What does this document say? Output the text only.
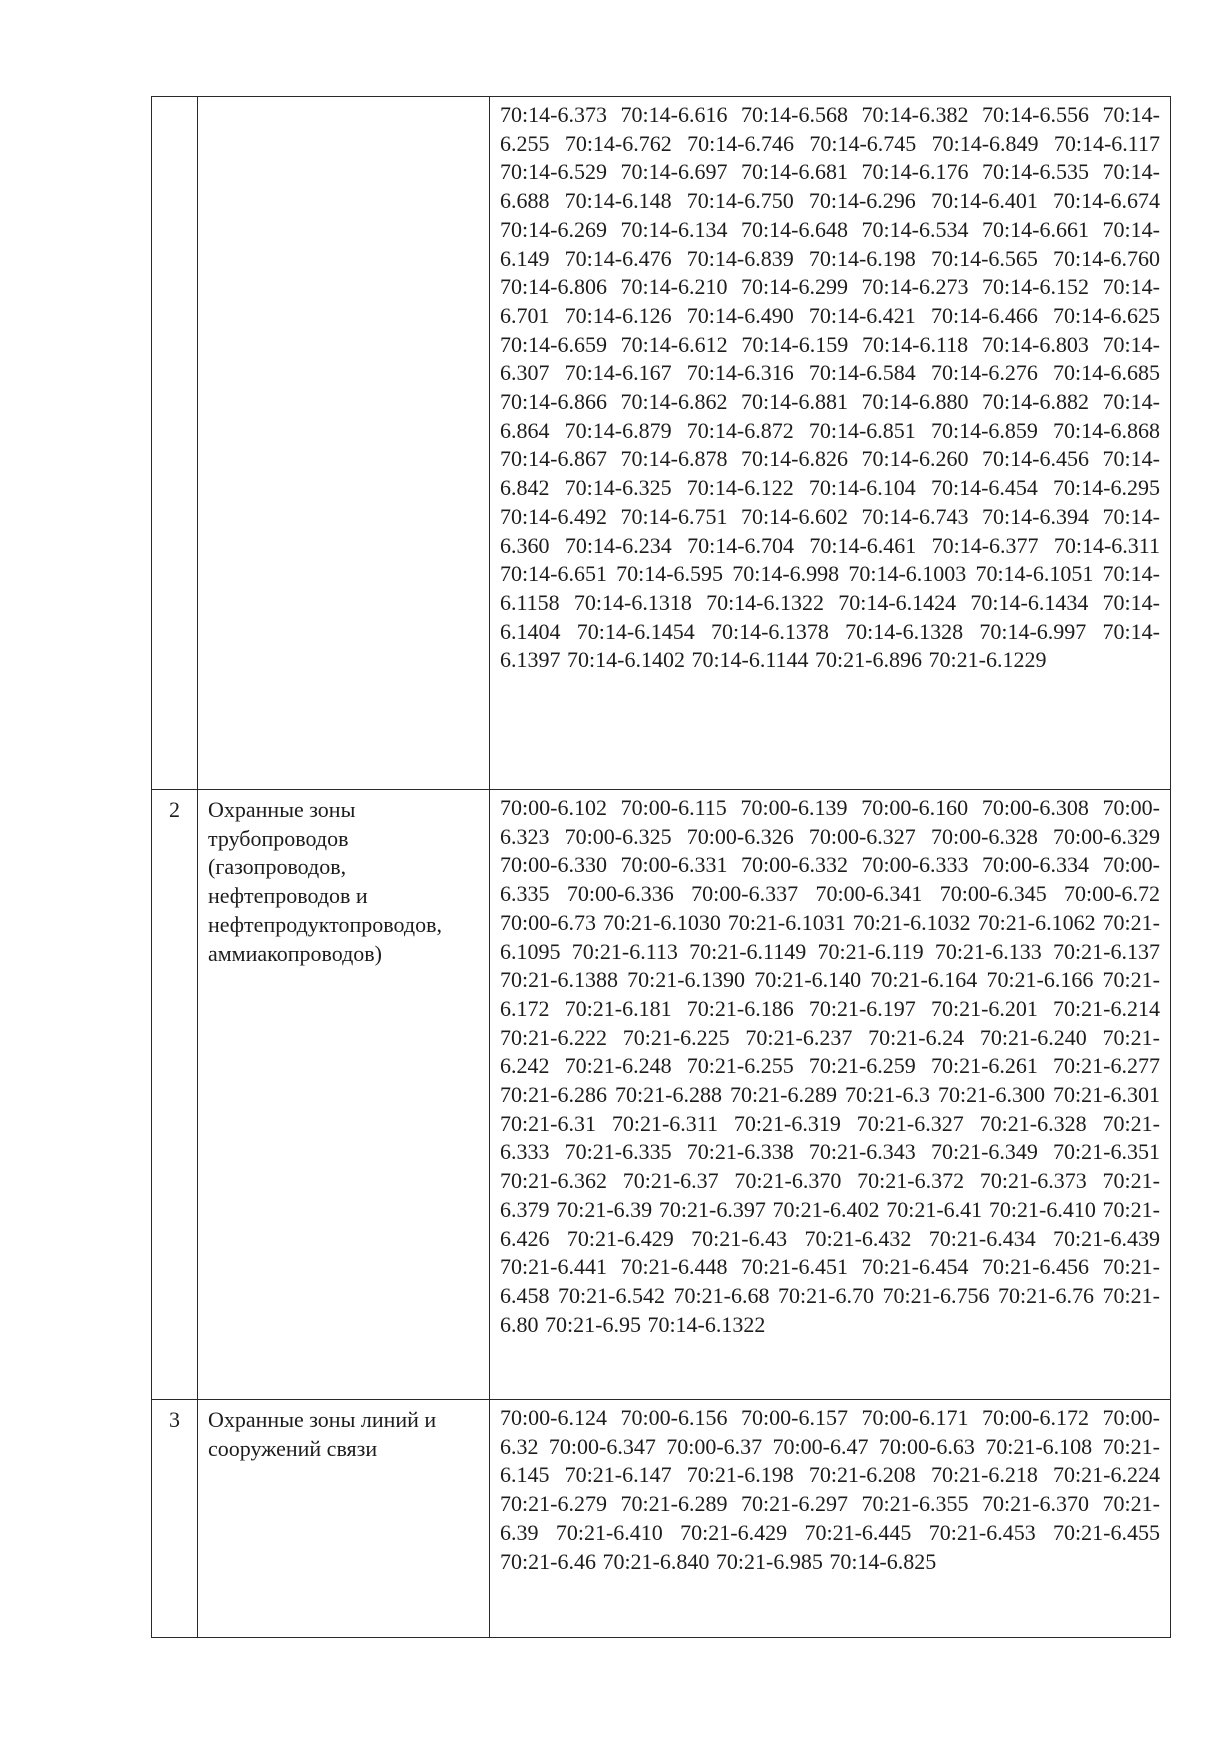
		70:14-6.373 70:14-6.616 70:14-6.568 70:14-6.382 70:14-6.556 70:14-6.255 70:14-6.762 70:14-6.746 70:14-6.745 70:14-6.849 70:14-6.117 70:14-6.529 70:14-6.697 70:14-6.681 70:14-6.176 70:14-6.535 70:14-6.688 70:14-6.148 70:14-6.750 70:14-6.296 70:14-6.401 70:14-6.674 70:14-6.269 70:14-6.134 70:14-6.648 70:14-6.534 70:14-6.661 70:14-6.149 70:14-6.476 70:14-6.839 70:14-6.198 70:14-6.565 70:14-6.760 70:14-6.806 70:14-6.210 70:14-6.299 70:14-6.273 70:14-6.152 70:14-6.701 70:14-6.126 70:14-6.490 70:14-6.421 70:14-6.466 70:14-6.625 70:14-6.659 70:14-6.612 70:14-6.159 70:14-6.118 70:14-6.803 70:14-6.307 70:14-6.167 70:14-6.316 70:14-6.584 70:14-6.276 70:14-6.685 70:14-6.866 70:14-6.862 70:14-6.881 70:14-6.880 70:14-6.882 70:14-6.864 70:14-6.879 70:14-6.872 70:14-6.851 70:14-6.859 70:14-6.868 70:14-6.867 70:14-6.878 70:14-6.826 70:14-6.260 70:14-6.456 70:14-6.842 70:14-6.325 70:14-6.122 70:14-6.104 70:14-6.454 70:14-6.295 70:14-6.492 70:14-6.751 70:14-6.602 70:14-6.743 70:14-6.394 70:14-6.360 70:14-6.234 70:14-6.704 70:14-6.461 70:14-6.377 70:14-6.311 70:14-6.651 70:14-6.595 70:14-6.998 70:14-6.1003 70:14-6.1051 70:14-6.1158 70:14-6.1318 70:14-6.1322 70:14-6.1424 70:14-6.1434 70:14-6.1404 70:14-6.1454 70:14-6.1378 70:14-6.1328 70:14-6.997 70:14-6.1397 70:14-6.1402 70:14-6.1144 70:21-6.896 70:21-6.1229
2	Охранные зоны трубопроводов (газопроводов, нефтепроводов и нефтепродуктопроводов, аммиакопроводов)	70:00-6.102 70:00-6.115 70:00-6.139 70:00-6.160 70:00-6.308 70:00-6.323 70:00-6.325 70:00-6.326 70:00-6.327 70:00-6.328 70:00-6.329 70:00-6.330 70:00-6.331 70:00-6.332 70:00-6.333 70:00-6.334 70:00-6.335 70:00-6.336 70:00-6.337 70:00-6.341 70:00-6.345 70:00-6.72 70:00-6.73 70:21-6.1030 70:21-6.1031 70:21-6.1032 70:21-6.1062 70:21-6.1095 70:21-6.113 70:21-6.1149 70:21-6.119 70:21-6.133 70:21-6.137 70:21-6.1388 70:21-6.1390 70:21-6.140 70:21-6.164 70:21-6.166 70:21-6.172 70:21-6.181 70:21-6.186 70:21-6.197 70:21-6.201 70:21-6.214 70:21-6.222 70:21-6.225 70:21-6.237 70:21-6.24 70:21-6.240 70:21-6.242 70:21-6.248 70:21-6.255 70:21-6.259 70:21-6.261 70:21-6.277 70:21-6.286 70:21-6.288 70:21-6.289 70:21-6.3 70:21-6.300 70:21-6.301 70:21-6.31 70:21-6.311 70:21-6.319 70:21-6.327 70:21-6.328 70:21-6.333 70:21-6.335 70:21-6.338 70:21-6.343 70:21-6.349 70:21-6.351 70:21-6.362 70:21-6.37 70:21-6.370 70:21-6.372 70:21-6.373 70:21-6.379 70:21-6.39 70:21-6.397 70:21-6.402 70:21-6.41 70:21-6.410 70:21-6.426 70:21-6.429 70:21-6.43 70:21-6.432 70:21-6.434 70:21-6.439 70:21-6.441 70:21-6.448 70:21-6.451 70:21-6.454 70:21-6.456 70:21-6.458 70:21-6.542 70:21-6.68 70:21-6.70 70:21-6.756 70:21-6.76 70:21-6.80 70:21-6.95 70:14-6.1322
3	Охранные зоны линий и сооружений связи	70:00-6.124 70:00-6.156 70:00-6.157 70:00-6.171 70:00-6.172 70:00-6.32 70:00-6.347 70:00-6.37 70:00-6.47 70:00-6.63 70:21-6.108 70:21-6.145 70:21-6.147 70:21-6.198 70:21-6.208 70:21-6.218 70:21-6.224 70:21-6.279 70:21-6.289 70:21-6.297 70:21-6.355 70:21-6.370 70:21-6.39 70:21-6.410 70:21-6.429 70:21-6.445 70:21-6.453 70:21-6.455 70:21-6.46 70:21-6.840 70:21-6.985 70:14-6.825
